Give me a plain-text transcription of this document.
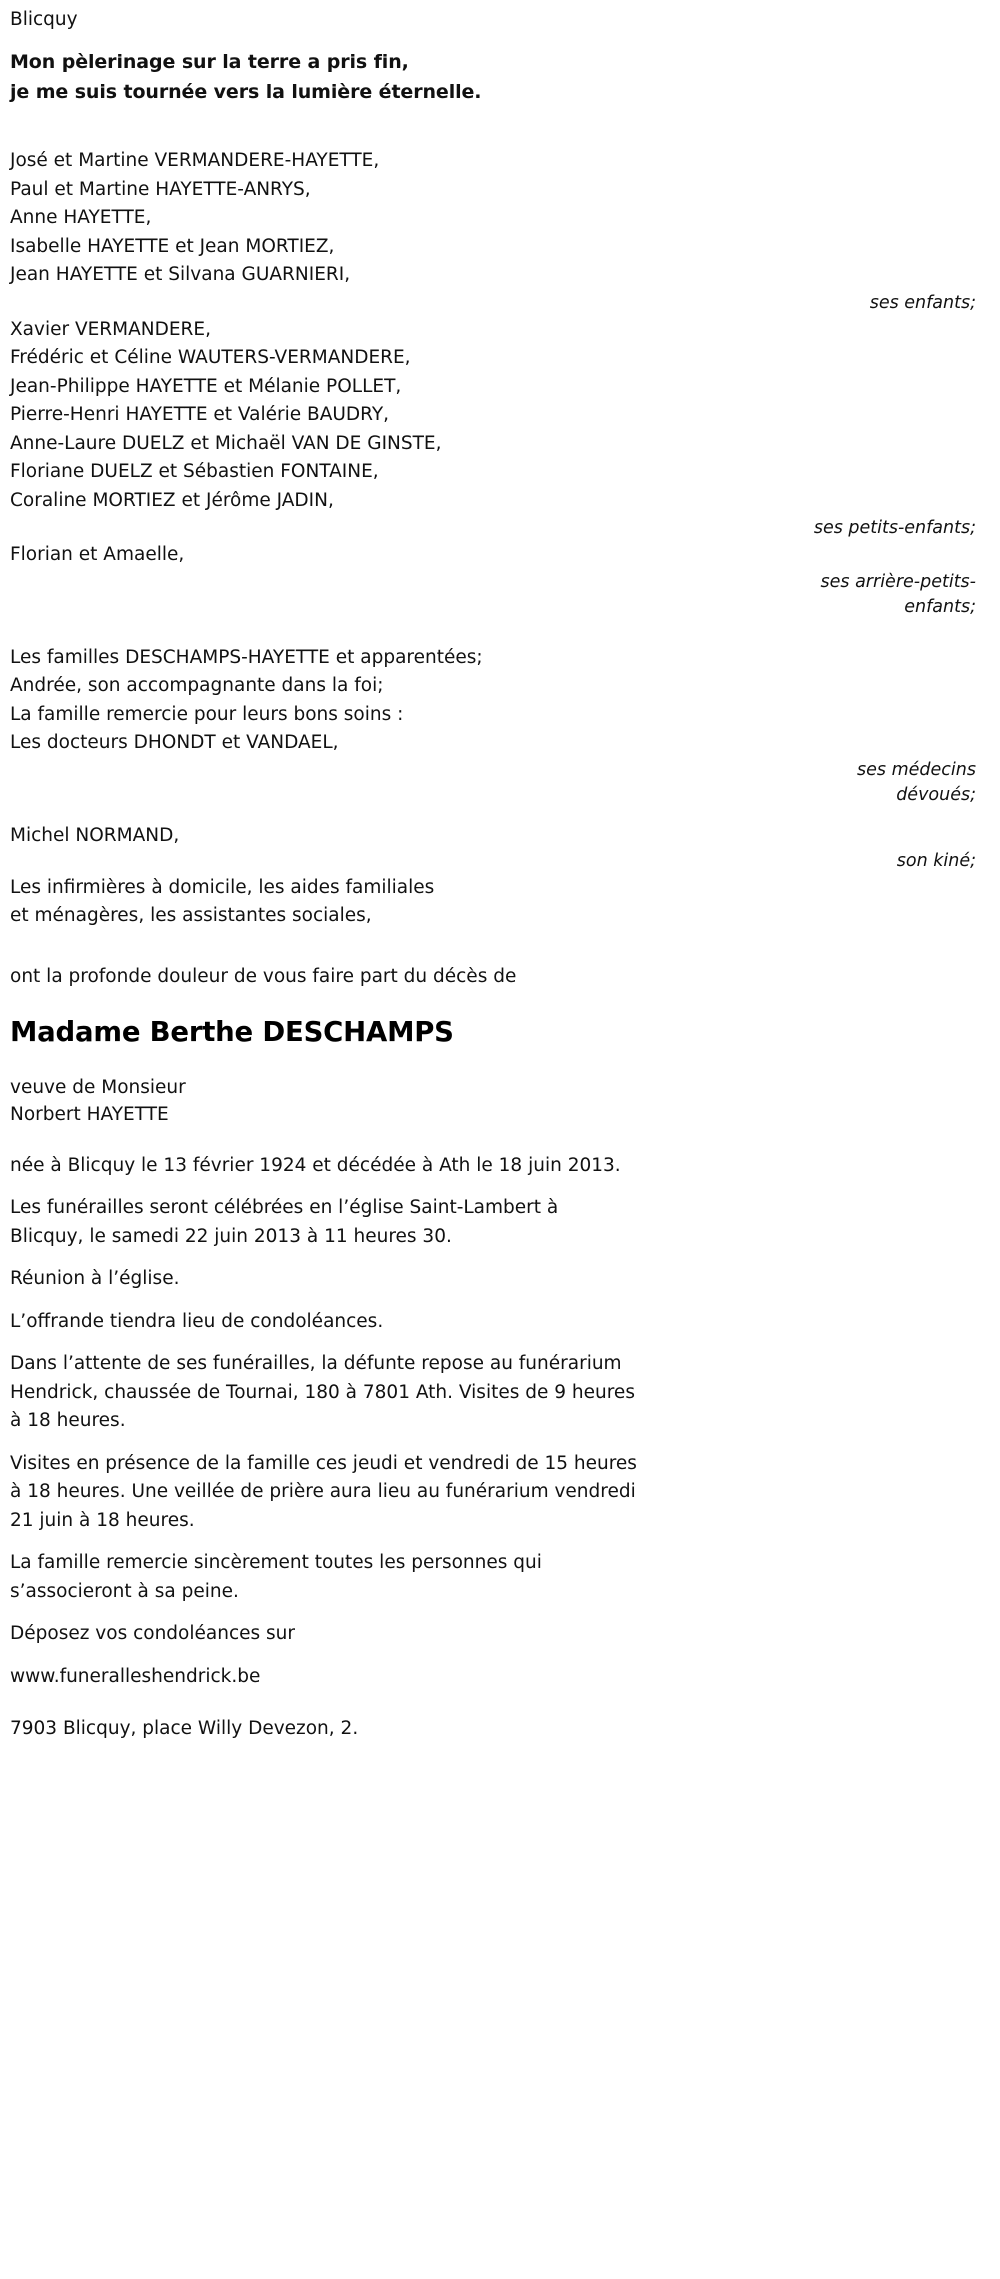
Blicquy
Mon pèlerinage sur la terre a pris fin,
je me suis tournée vers la lumière éternelle.
José et Martine VERMANDERE-HAYETTE,
Paul et Martine HAYETTE-ANRYS,
Anne HAYETTE,
Isabelle HAYETTE et Jean MORTIEZ,
Jean HAYETTE et Silvana GUARNIERI,
ses enfants;
Xavier VERMANDERE,
Frédéric et Céline WAUTERS-VERMANDERE,
Jean-Philippe HAYETTE et Mélanie POLLET,
Pierre-Henri HAYETTE et Valérie BAUDRY,
Anne-Laure DUELZ et Michaël VAN DE GINSTE,
Floriane DUELZ et Sébastien FONTAINE,
Coraline MORTIEZ et Jérôme JADIN,
ses petits-enfants;
Florian et Amaelle,
ses arrière-petits-
enfants;
Les familles DESCHAMPS-HAYETTE et apparentées;
Andrée, son accompagnante dans la foi;
La famille remercie pour leurs bons soins :
Les docteurs DHONDT et VANDAEL,
ses médecins
dévoués;
Michel NORMAND,
son kiné;
Les infirmières à domicile, les aides familiales
et ménagères, les assistantes sociales,
ont la profonde douleur de vous faire part du décès de
Madame Berthe DESCHAMPS
veuve de Monsieur
Norbert HAYETTE
née à Blicquy le 13 février 1924 et décédée à Ath le 18 juin 2013.
Les funérailles seront célébrées en l’église Saint-Lambert à Blicquy, le samedi 22 juin 2013 à 11 heures 30.
Réunion à l’église.
L’offrande tiendra lieu de condoléances.
Dans l’attente de ses funérailles, la défunte repose au funérarium Hendrick, chaussée de Tournai, 180 à 7801 Ath. Visites de 9 heures à 18 heures.
Visites en présence de la famille ces jeudi et vendredi de 15 heures à 18 heures. Une veillée de prière aura lieu au funérarium vendredi 21 juin à 18 heures.
La famille remercie sincèrement toutes les personnes qui s’associeront à sa peine.
Déposez vos condoléances sur
www.funeralleshendrick.be
7903 Blicquy, place Willy Devezon, 2.
